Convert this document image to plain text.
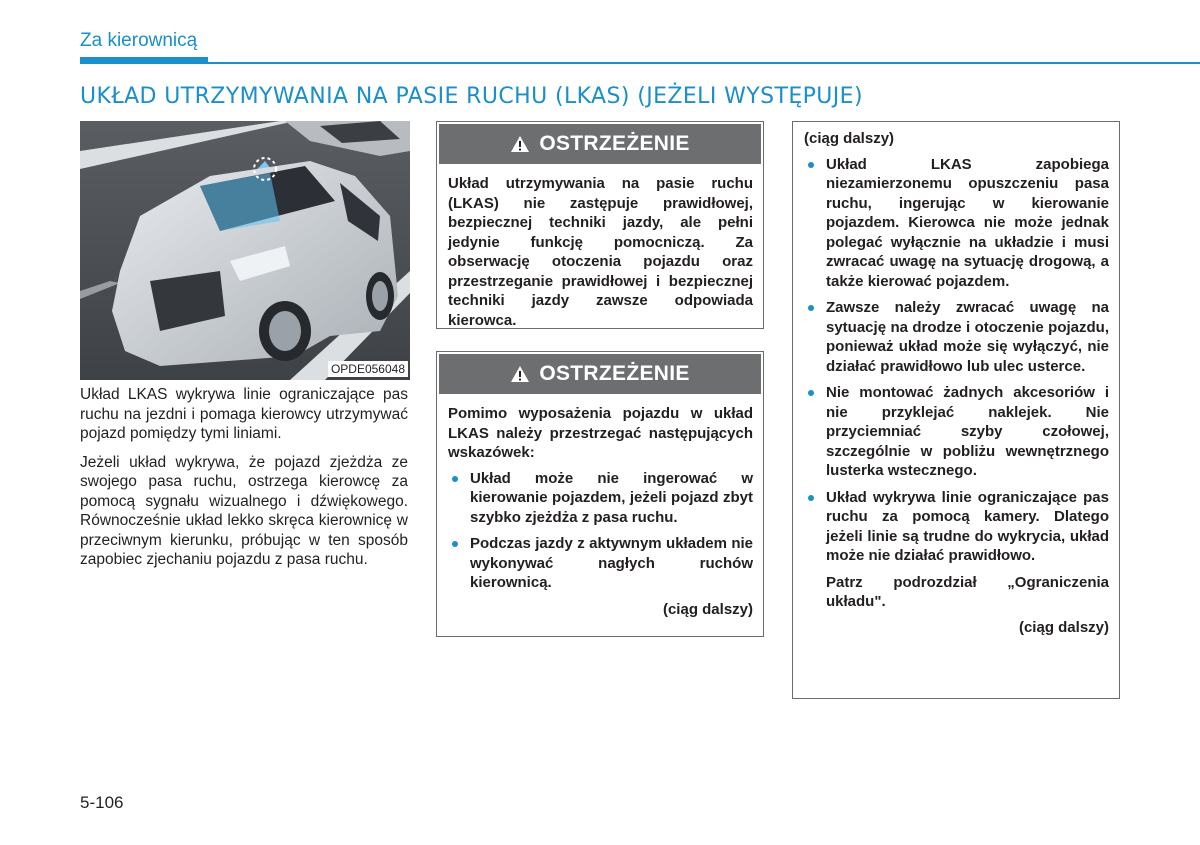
Za kierownicą
UKŁAD UTRZYMYWANIA NA PASIE RUCHU (LKAS) (JEŻELI WYSTĘPUJE)
OPDE056048

Układ LKAS wykrywa linie ograniczające pas ruchu na jezdni i pomaga kierowcy utrzymywać pojazd pomiędzy tymi liniami.

Jeżeli układ wykrywa, że pojazd zjeżdża ze swojego pasa ruchu, ostrzega kierowcę za pomocą sygnału wizualnego i dźwiękowego. Równocześnie układ lekko skręca kierownicę w przeciwnym kierunku, próbując w ten sposób zapobiec zjechaniu pojazdu z pasa ruchu.

OSTRZEŻENIE

Układ utrzymywania na pasie ruchu (LKAS) nie zastępuje prawidłowej, bezpiecznej techniki jazdy, ale pełni jedynie funkcję pomocniczą. Za obserwację otoczenia pojazdu oraz przestrzeganie prawidłowej i bezpiecznej techniki jazdy zawsze odpowiada kierowca.

OSTRZEŻENIE

Pomimo wyposażenia pojazdu w układ LKAS należy przestrzegać następujących wskazówek:

Układ może nie ingerować w kierowanie pojazdem, jeżeli pojazd zbyt szybko zjeżdża z pasa ruchu.
Podczas jazdy z aktywnym układem nie wykonywać nagłych ruchów kierownicą.
(ciąg dalszy)
(ciąg dalszy)
Układ LKAS zapobiega niezamierzonemu opuszczeniu pasa ruchu, ingerując w kierowanie pojazdem. Kierowca nie może jednak polegać wyłącznie na układzie i musi zwracać uwagę na sytuację drogową, a także kierować pojazdem.
Zawsze należy zwracać uwagę na sytuację na drodze i otoczenie pojazdu, ponieważ układ może się wyłączyć, nie działać prawidłowo lub ulec usterce.
Nie montować żadnych akcesoriów i nie przyklejać naklejek. Nie przyciemniać szyby czołowej, szczególnie w pobliżu wewnętrznego lusterka wstecznego.
Układ wykrywa linie ograniczające pas ruchu za pomocą kamery. Dlatego jeżeli linie są trudne do wykrycia, układ może nie działać prawidłowo.

Patrz podrozdział „Ograniczenia układu".

(ciąg dalszy)
5-106
